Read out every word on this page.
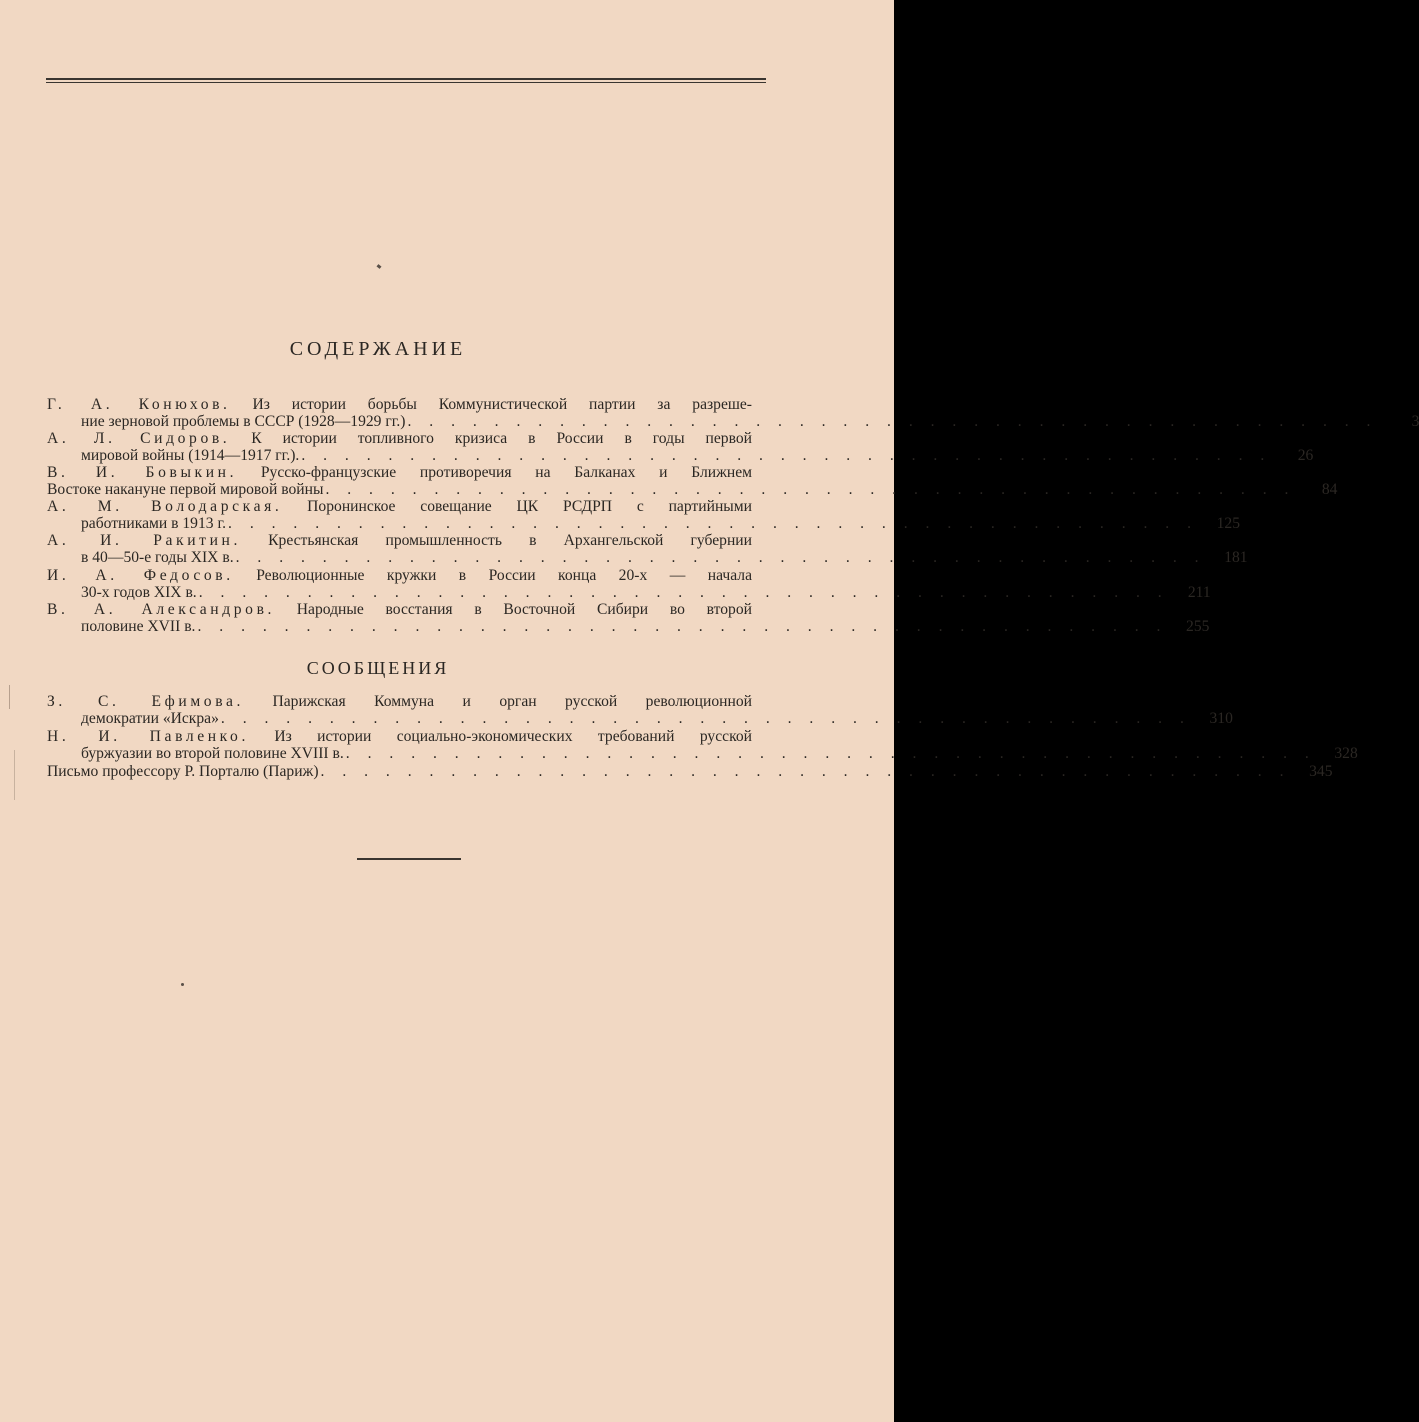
СОДЕРЖАНИЕ
Г. А. Конюхов. Из истории борьбы Коммунистической партии за разреше-
ние зерновой проблемы в СССР (1928—1929 гг.) . . . . . . . . . . . . . . . . . . . . . . . . . . . . . . . . . . . . . . . . . . . . .	3
А. Л. Сидоров. К истории топливного кризиса в России в годы первой
мировой войны (1914—1917 гг.). . . . . . . . . . . . . . . . . . . . . . . . . . . . . . . . . . . . . . . . . . . . . .	26
В. И. Бовыкин. Русско-французские противоречия на Балканах и Ближнем
Востоке накануне первой мировой войны . . . . . . . . . . . . . . . . . . . . . . . . . . . . . . . . . . . . . . . . . . . . .	84
А. М. Володарская. Поронинское совещание ЦК РСДРП с партийными
работниками в 1913 г. . . . . . . . . . . . . . . . . . . . . . . . . . . . . . . . . . . . . . . . . . . . . .	125
А. И. Ракитин. Крестьянская промышленность в Архангельской губернии
в 40—50-е годы XIX в. . . . . . . . . . . . . . . . . . . . . . . . . . . . . . . . . . . . . . . . . . . . . .	181
И. А. Федосов. Революционные кружки в России конца 20-х — начала
30-х годов XIX в. . . . . . . . . . . . . . . . . . . . . . . . . . . . . . . . . . . . . . . . . . . . . .	211
В. А. Александров. Народные восстания в Восточной Сибири во второй
половине XVII в. . . . . . . . . . . . . . . . . . . . . . . . . . . . . . . . . . . . . . . . . . . . . .	255
СООБЩЕНИЯ
З. С. Ефимова. Парижская Коммуна и орган русской революционной
демократии «Искра» . . . . . . . . . . . . . . . . . . . . . . . . . . . . . . . . . . . . . . . . . . . . .	310
Н. И. Павленко. Из истории социально-экономических требований русской
буржуазии во второй половине XVIII в. . . . . . . . . . . . . . . . . . . . . . . . . . . . . . . . . . . . . . . . . . . . . .	328
Письмо профессору Р. Порталю (Париж) . . . . . . . . . . . . . . . . . . . . . . . . . . . . . . . . . . . . . . . . . . . . .	345
